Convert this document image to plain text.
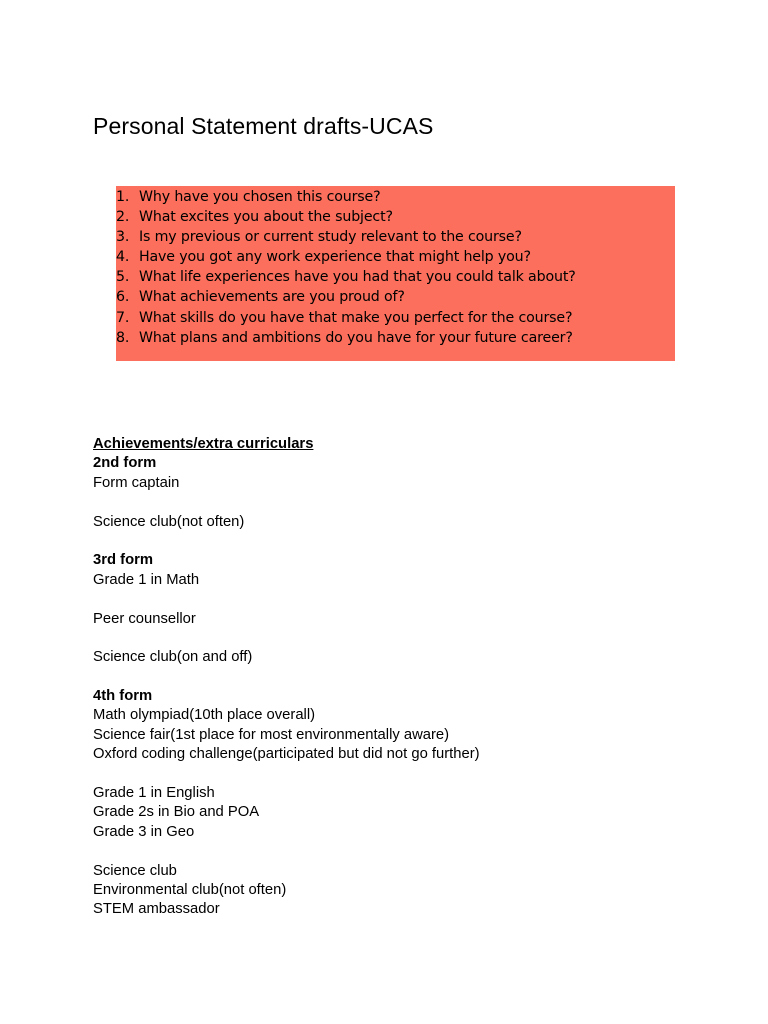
Personal Statement drafts-UCAS
1. Why have you chosen this course?
2. What excites you about the subject?
3. Is my previous or current study relevant to the course?
4. Have you got any work experience that might help you?
5. What life experiences have you had that you could talk about?
6. What achievements are you proud of?
7. What skills do you have that make you perfect for the course?
8. What plans and ambitions do you have for your future career?
Achievements/extra curriculars
2nd form
Form captain
Science club(not often)
3rd form
Grade 1 in Math
Peer counsellor
Science club(on and off)
4th form
Math olympiad(10th place overall)
Science fair(1st place for most environmentally aware)
Oxford coding challenge(participated but did not go further)
Grade 1 in English
Grade 2s in Bio and POA
Grade 3 in Geo
Science club
Environmental club(not often)
STEM ambassador
